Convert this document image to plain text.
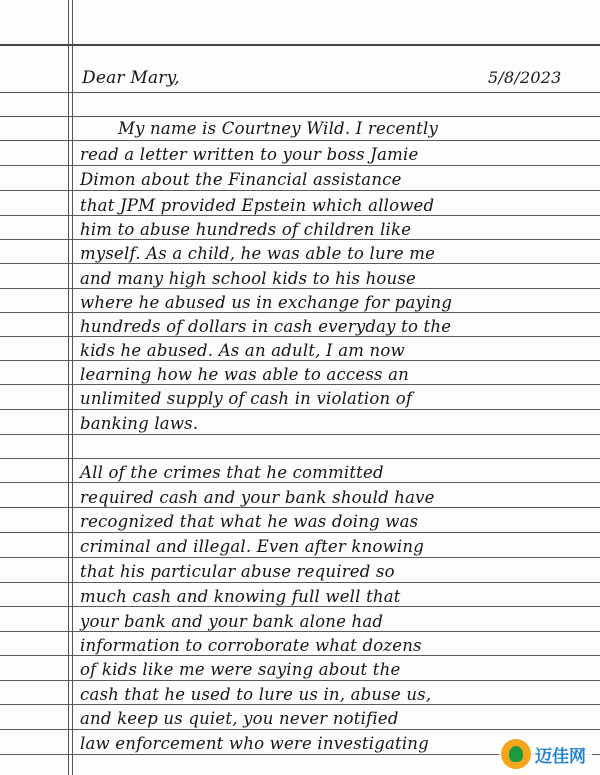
Dear Mary,	5/8/2023
My name is Courtney Wild. I recently
read a letter written to your boss Jamie
Dimon about the Financial assistance
that JPM provided Epstein which allowed
him to abuse hundreds of children like
myself. As a child, he was able to lure me
and many high school kids to his house
where he abused us in exchange for paying
hundreds of dollars in cash everyday to the
kids he abused. As an adult, I am now
learning how he was able to access an
unlimited supply of cash in violation of
banking laws.
All of the crimes that he committed
required cash and your bank should have
recognized that what he was doing was
criminal and illegal. Even after knowing
that his particular abuse required so
much cash and knowing full well that
your bank and your bank alone had
information to corroborate what dozens
of kids like me were saying about the
cash that he used to lure us in, abuse us,
and keep us quiet, you never notified
law enforcement who were investigating
迈佳网
